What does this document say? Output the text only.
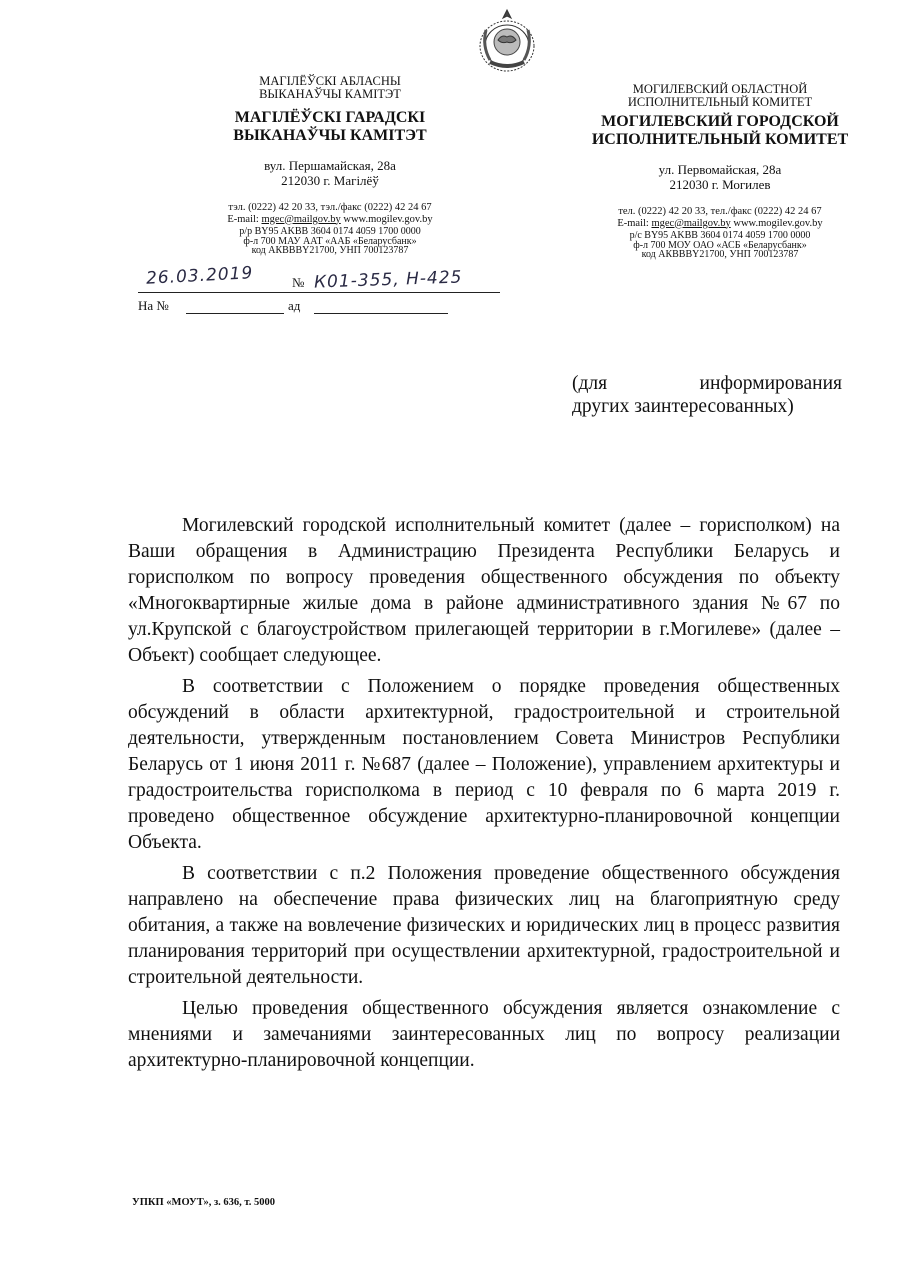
МАГІЛЁЎСКІ АБЛАСНЫ ВЫКАНАЎЧЫ КАМІТЭТ
МАГІЛЁЎСКІ ГАРАДСКІ
ВЫКАНАЎЧЫ КАМІТЭТ
вул. Першамайская, 28а
212030 г. Магілёў
тэл. (0222) 42 20 33, тэл./факс (0222) 42 24 67
E-mail: mgec@mailgov.by www.mogilev.gov.by
р/р BY95 AKBB 3604 0174 4059 1700 0000
ф-л 700 МАУ ААТ «ААБ «Беларусбанк»
код АКВВВY21700, УНП 700123787
МОГИЛЕВСКИЙ ОБЛАСТНОЙ ИСПОЛНИТЕЛЬНЫЙ КОМИТЕТ
МОГИЛЕВСКИЙ ГОРОДСКОЙ
ИСПОЛНИТЕЛЬНЫЙ КОМИТЕТ
ул. Первомайская, 28а
212030 г. Могилев
тел. (0222) 42 20 33, тел./факс (0222) 42 24 67
E-mail: mgec@mailgov.by www.mogilev.gov.by
р/с BY95 AKBB 3604 0174 4059 1700 0000
ф-л 700 МОУ ОАО «АСБ «Беларусбанк»
код АКВВВY21700, УНП 700123787
26.03.2019	№ К01-355, Н-425
На №	ад
(для информирования
других заинтересованных)

Могилевский городской исполнительный комитет (далее – горисполком) на Ваши обращения в Администрацию Президента Республики Беларусь и горисполком по вопросу проведения общественного обсуждения по объекту «Многоквартирные жилые дома в районе административного здания №67 по ул.Крупской с благоустройством прилегающей территории в г.Могилеве» (далее – Объект) сообщает следующее.

В соответствии с Положением о порядке проведения общественных обсуждений в области архитектурной, градостроительной и строительной деятельности, утвержденным постановлением Совета Министров Республики Беларусь от 1 июня 2011 г. №687 (далее – Положение), управлением архитектуры и градостроительства горисполкома в период с 10 февраля по 6 марта 2019 г. проведено общественное обсуждение архитектурно-планировочной концепции Объекта.

В соответствии с п.2 Положения проведение общественного обсуждения направлено на обеспечение права физических лиц на благоприятную среду обитания, а также на вовлечение физических и юридических лиц в процесс развития планирования территорий при осуществлении архитектурной, градостроительной и строительной деятельности.

Целью проведения общественного обсуждения является ознакомление с мнениями и замечаниями заинтересованных лиц по вопросу реализации архитектурно-планировочной концепции.

УПКП «МОУТ», з. 636, т. 5000
